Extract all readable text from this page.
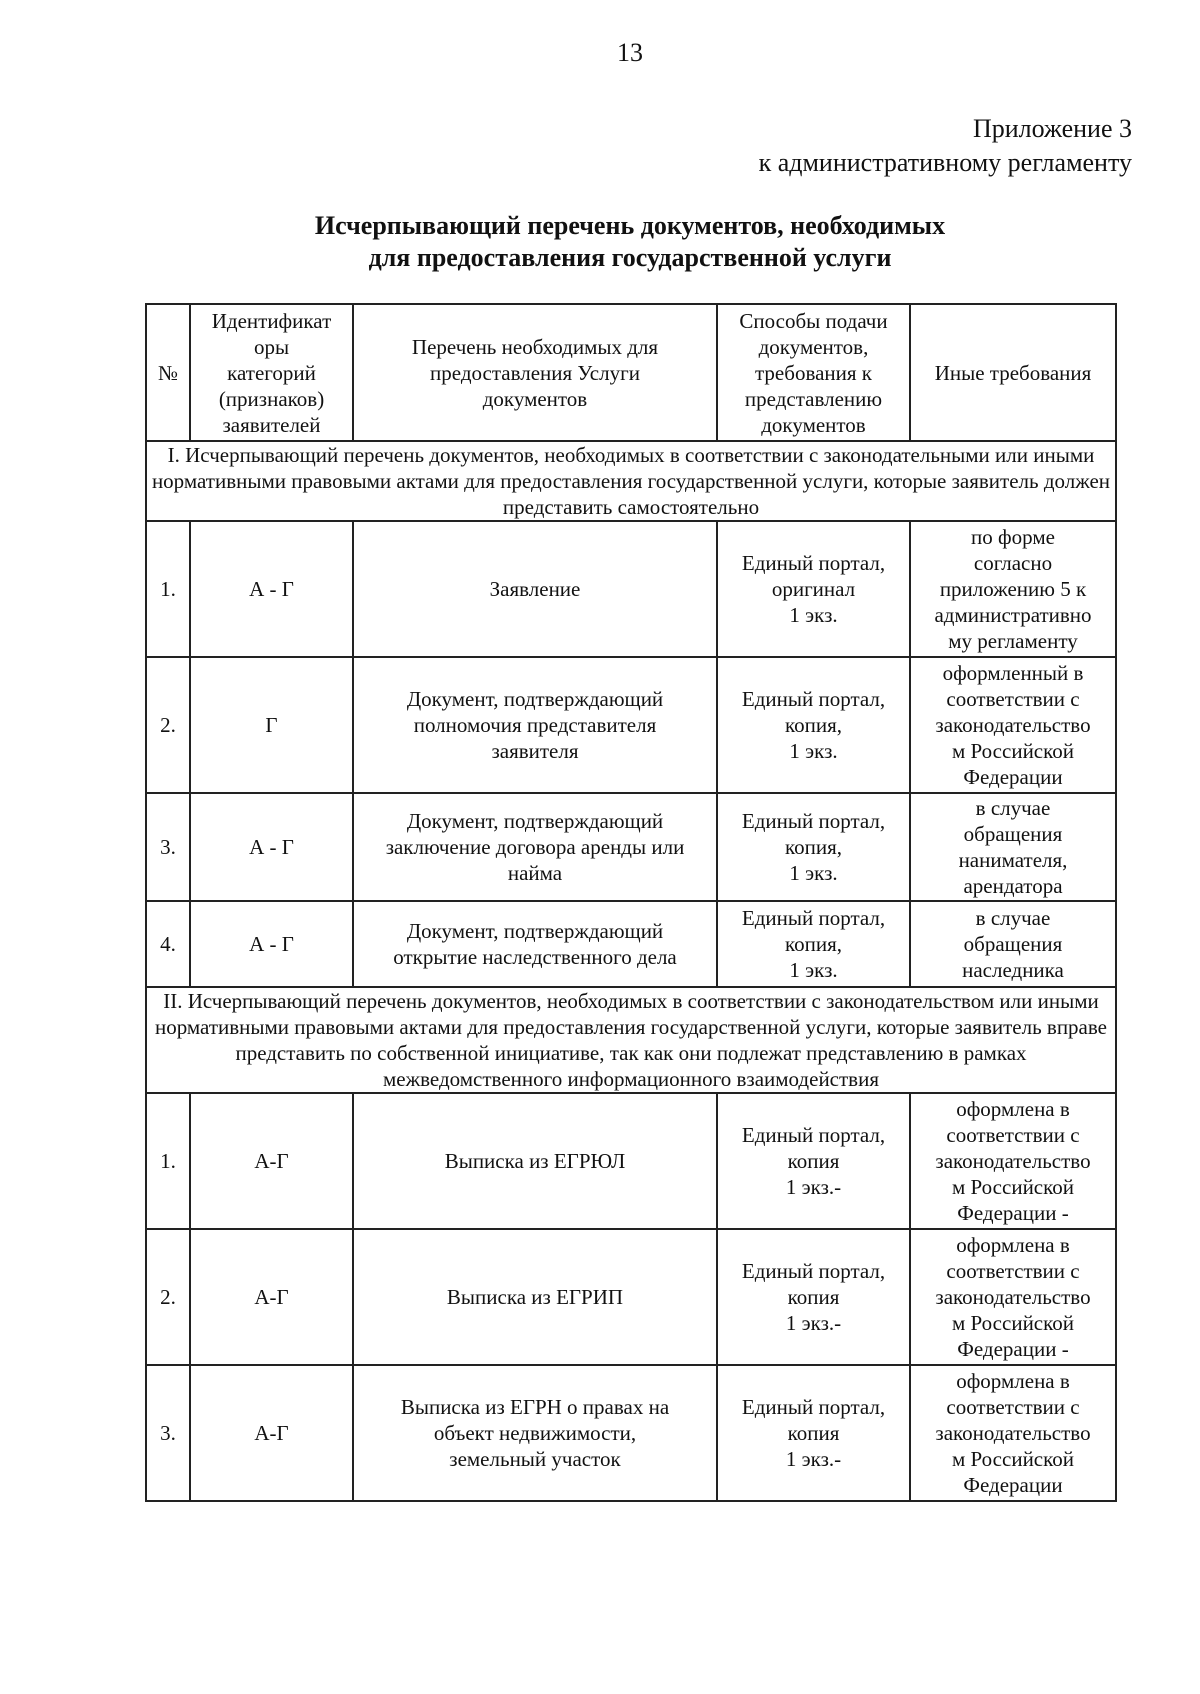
13
Приложение 3
к административному регламенту
Исчерпывающий перечень документов, необходимых
для предоставления государственной услуги
№	Идентификат
оры
категорий
(признаков)
заявителей	Перечень необходимых для
предоставления Услуги
документов	Способы подачи
документов,
требования к
представлению
документов	Иные требования
I. Исчерпывающий перечень документов, необходимых в соответствии с законодательными или иными нормативными правовыми актами для предоставления государственной услуги, которые заявитель должен представить самостоятельно				
1.	А - Г	Заявление	Единый портал,
оригинал
1 экз.	по форме
согласно
приложению 5 к
административно
му регламенту
2.	Г	Документ, подтверждающий
полномочия представителя
заявителя	Единый портал,
копия,
1 экз.	оформленный в
соответствии с
законодательство
м Российской
Федерации
3.	А - Г	Документ, подтверждающий
заключение договора аренды или
найма	Единый портал,
копия,
1 экз.	в случае
обращения
нанимателя,
арендатора
4.	А - Г	Документ, подтверждающий
открытие наследственного дела	Единый портал,
копия,
1 экз.	в случае
обращения
наследника
II. Исчерпывающий перечень документов, необходимых в соответствии с законодательством или иными нормативными правовыми актами для предоставления государственной услуги, которые заявитель вправе представить по собственной инициативе, так как они подлежат представлению в рамках межведомственного информационного взаимодействия				
1.	А-Г	Выписка из ЕГРЮЛ	Единый портал,
копия
1 экз.-	оформлена в
соответствии с
законодательство
м Российской
Федерации -
2.	А-Г	Выписка из ЕГРИП	Единый портал,
копия
1 экз.-	оформлена в
соответствии с
законодательство
м Российской
Федерации -
3.	А-Г	Выписка из ЕГРН о правах на
объект недвижимости,
земельный участок	Единый портал,
копия
1 экз.-	оформлена в
соответствии с
законодательство
м Российской
Федерации
